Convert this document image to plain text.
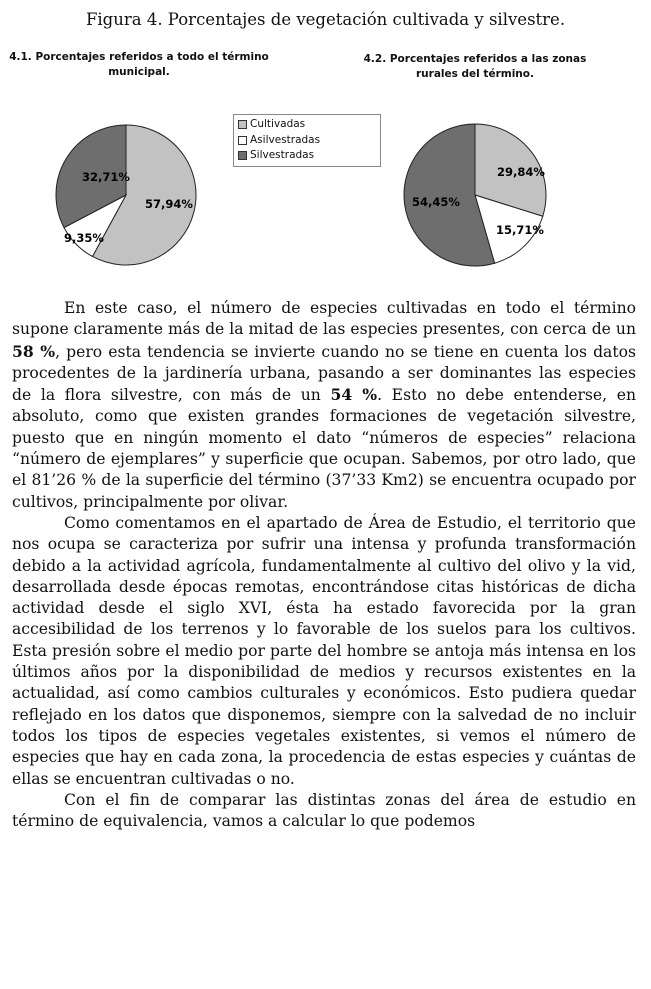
Figura 4. Porcentajes de vegetación cultivada y silvestre.
4.1. Porcentajes referidos a todo el término municipal.
4.2. Porcentajes referidos a las zonas rurales del término.
57,94%
9,35%
32,71%	29,84%
15,71%
54,45%
Cultivadas
Asilvestradas
Silvestradas

En este caso, el número de especies cultivadas en todo el término supone claramente más de la mitad de las especies presentes, con cerca de un 58 %, pero esta tendencia se invierte cuando no se tiene en cuenta los datos procedentes de la jardinería urbana, pasando a ser dominantes las especies de la flora silvestre, con más de un 54 %. Esto no debe entenderse, en absoluto, como que existen grandes formaciones de vegetación silvestre, puesto que en ningún momento el dato “números de especies” relaciona “número de ejemplares” y superficie que ocupan. Sabemos, por otro lado, que el 81’26 % de la superficie del término (37’33 Km2) se encuentra ocupado por cultivos, principalmente por olivar.

Como comentamos en el apartado de Área de Estudio, el territorio que nos ocupa se caracteriza por sufrir una intensa y profunda transformación debido a la actividad agrícola, fundamentalmente al cultivo del olivo y la vid, desarrollada desde épocas remotas, encontrándose citas históricas de dicha actividad desde el siglo XVI, ésta ha estado favorecida por la gran accesibilidad de los terrenos y lo favorable de los suelos para los cultivos. Esta presión sobre el medio por parte del hombre se antoja más intensa en los últimos años por la disponibilidad de medios y recursos existentes en la actualidad, así como cambios culturales y económicos. Esto pudiera quedar reflejado en los datos que disponemos, siempre con la salvedad de no incluir todos los tipos de especies vegetales existentes, si vemos el número de especies que hay en cada zona, la procedencia de estas especies y cuántas de ellas se encuentran cultivadas o no.

Con el fin de comparar las distintas zonas del área de estudio en término de equivalencia, vamos a calcular lo que podemos
